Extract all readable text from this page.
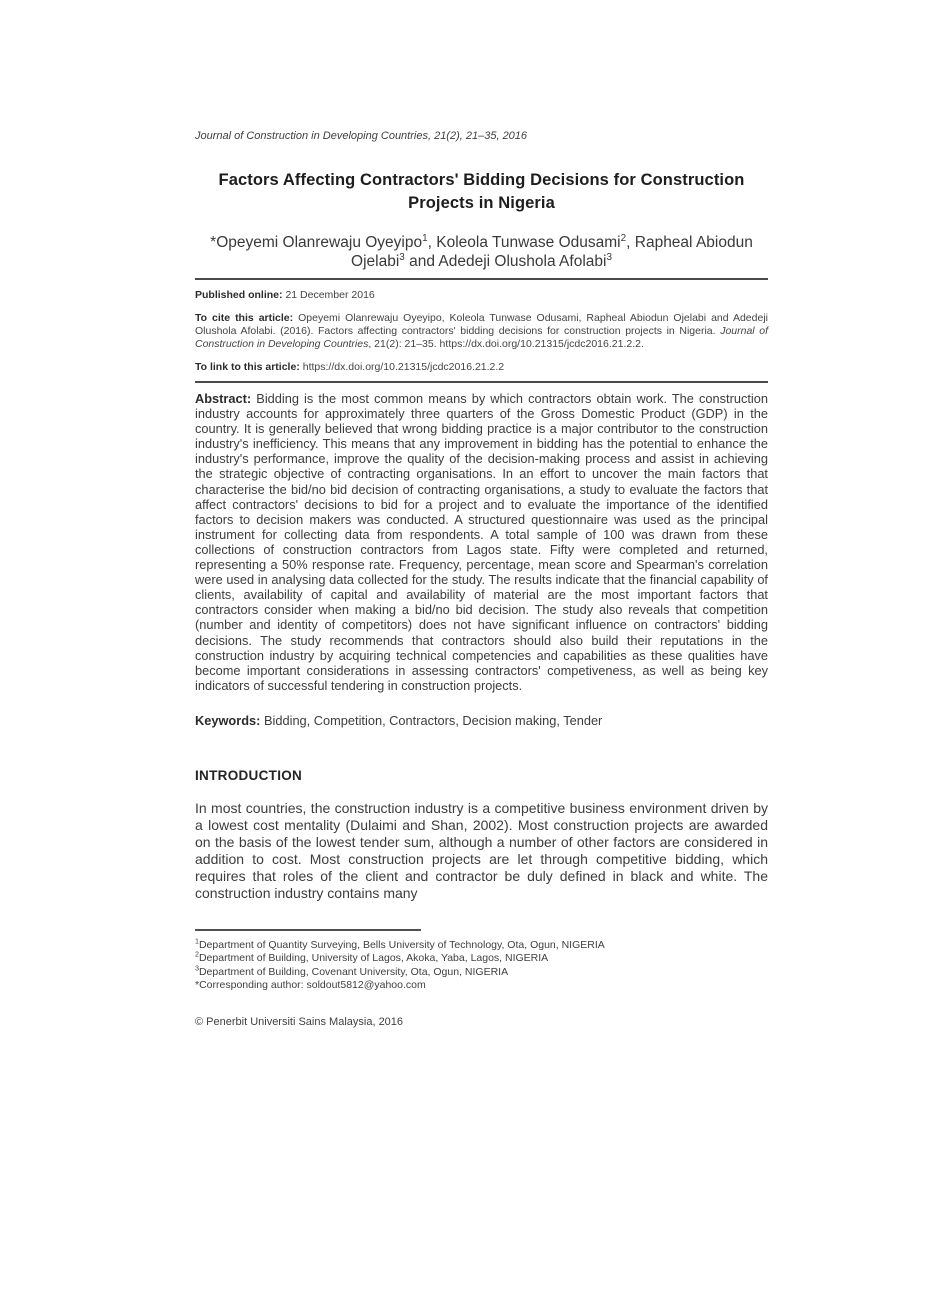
Journal of Construction in Developing Countries, 21(2), 21–35, 2016
Factors Affecting Contractors' Bidding Decisions for Construction Projects in Nigeria
*Opeyemi Olanrewaju Oyeyipo$^1$, Koleola Tunwase Odusami$^2$, Rapheal Abiodun Ojelabi$^3$ and Adedeji Olushola Afolabi$^3$
Published online: 21 December 2016
To cite this article: Opeyemi Olanrewaju Oyeyipo, Koleola Tunwase Odusami, Rapheal Abiodun Ojelabi and Adedeji Olushola Afolabi. (2016). Factors affecting contractors' bidding decisions for construction projects in Nigeria. Journal of Construction in Developing Countries, 21(2): 21–35. https://dx.doi.org/10.21315/jcdc2016.21.2.2.
To link to this article: https://dx.doi.org/10.21315/jcdc2016.21.2.2
Abstract: Bidding is the most common means by which contractors obtain work. The construction industry accounts for approximately three quarters of the Gross Domestic Product (GDP) in the country. It is generally believed that wrong bidding practice is a major contributor to the construction industry's inefficiency. This means that any improvement in bidding has the potential to enhance the industry's performance, improve the quality of the decision-making process and assist in achieving the strategic objective of contracting organisations. In an effort to uncover the main factors that characterise the bid/no bid decision of contracting organisations, a study to evaluate the factors that affect contractors' decisions to bid for a project and to evaluate the importance of the identified factors to decision makers was conducted. A structured questionnaire was used as the principal instrument for collecting data from respondents. A total sample of 100 was drawn from these collections of construction contractors from Lagos state. Fifty were completed and returned, representing a 50% response rate. Frequency, percentage, mean score and Spearman's correlation were used in analysing data collected for the study. The results indicate that the financial capability of clients, availability of capital and availability of material are the most important factors that contractors consider when making a bid/no bid decision. The study also reveals that competition (number and identity of competitors) does not have significant influence on contractors' bidding decisions. The study recommends that contractors should also build their reputations in the construction industry by acquiring technical competencies and capabilities as these qualities have become important considerations in assessing contractors' competiveness, as well as being key indicators of successful tendering in construction projects.
Keywords: Bidding, Competition, Contractors, Decision making, Tender
INTRODUCTION
In most countries, the construction industry is a competitive business environment driven by a lowest cost mentality (Dulaimi and Shan, 2002). Most construction projects are awarded on the basis of the lowest tender sum, although a number of other factors are considered in addition to cost. Most construction projects are let through competitive bidding, which requires that roles of the client and contractor be duly defined in black and white. The construction industry contains many
$^1$Department of Quantity Surveying, Bells University of Technology, Ota, Ogun, NIGERIA
$^2$Department of Building, University of Lagos, Akoka, Yaba, Lagos, NIGERIA
$^3$Department of Building, Covenant University, Ota, Ogun, NIGERIA
*Corresponding author: soldout5812@yahoo.com
© Penerbit Universiti Sains Malaysia, 2016
